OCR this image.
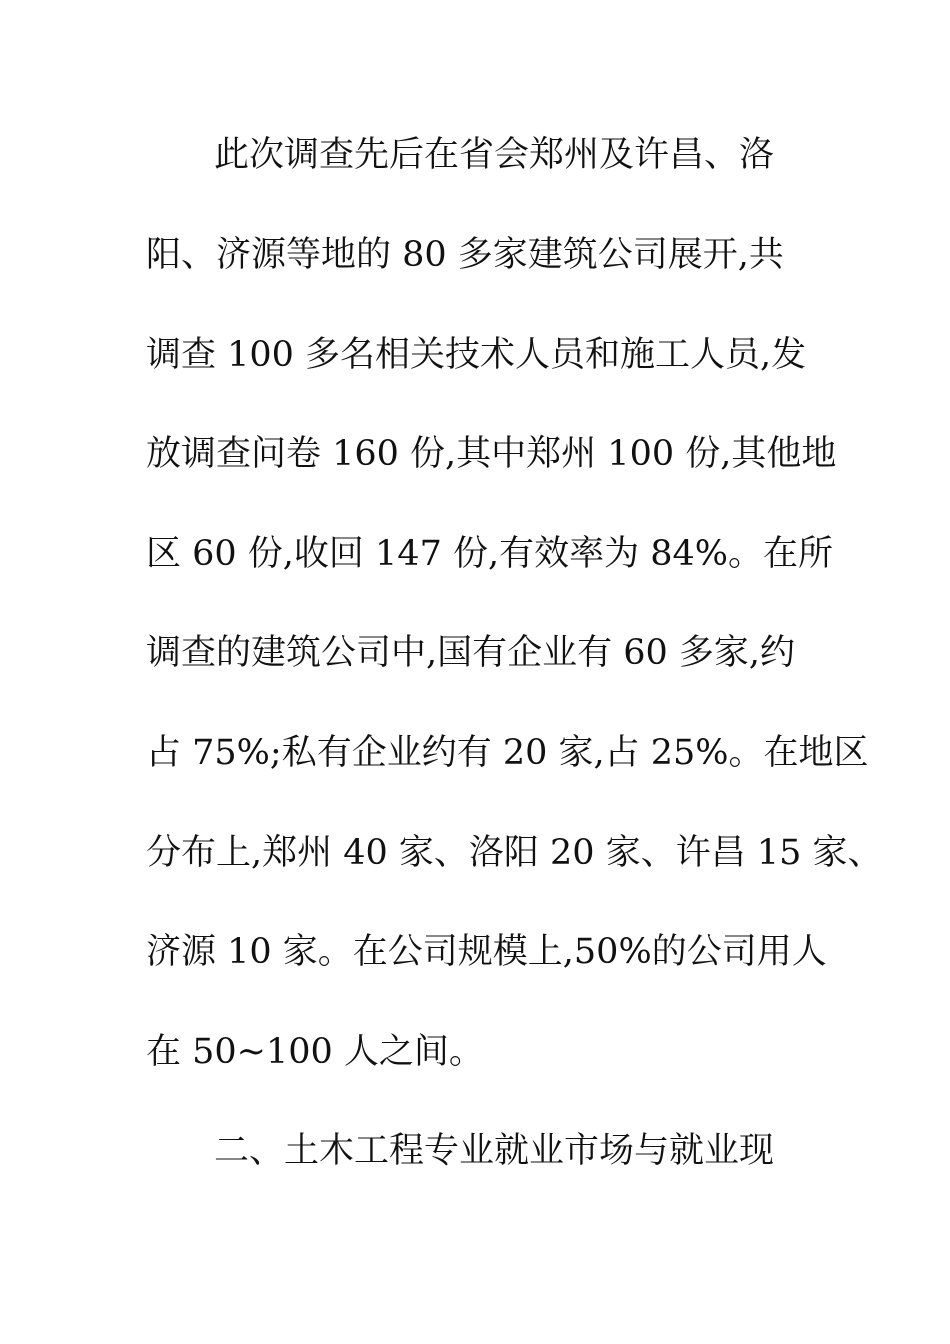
此次调查先后在省会郑州及许昌、洛
阳、济源等地的 80 多家建筑公司展开,共
调查 100 多名相关技术人员和施工人员,发
放调查问卷 160 份,其中郑州 100 份,其他地
区 60 份,收回 147 份,有效率为 84%。在所
调查的建筑公司中,国有企业有 60 多家,约
占 75%;私有企业约有 20 家,占 25%。在地区
分布上,郑州 40 家、洛阳 20 家、许昌 15 家、
济源 10 家。在公司规模上,50%的公司用人
在 50~100 人之间。
二、土木工程专业就业市场与就业现
